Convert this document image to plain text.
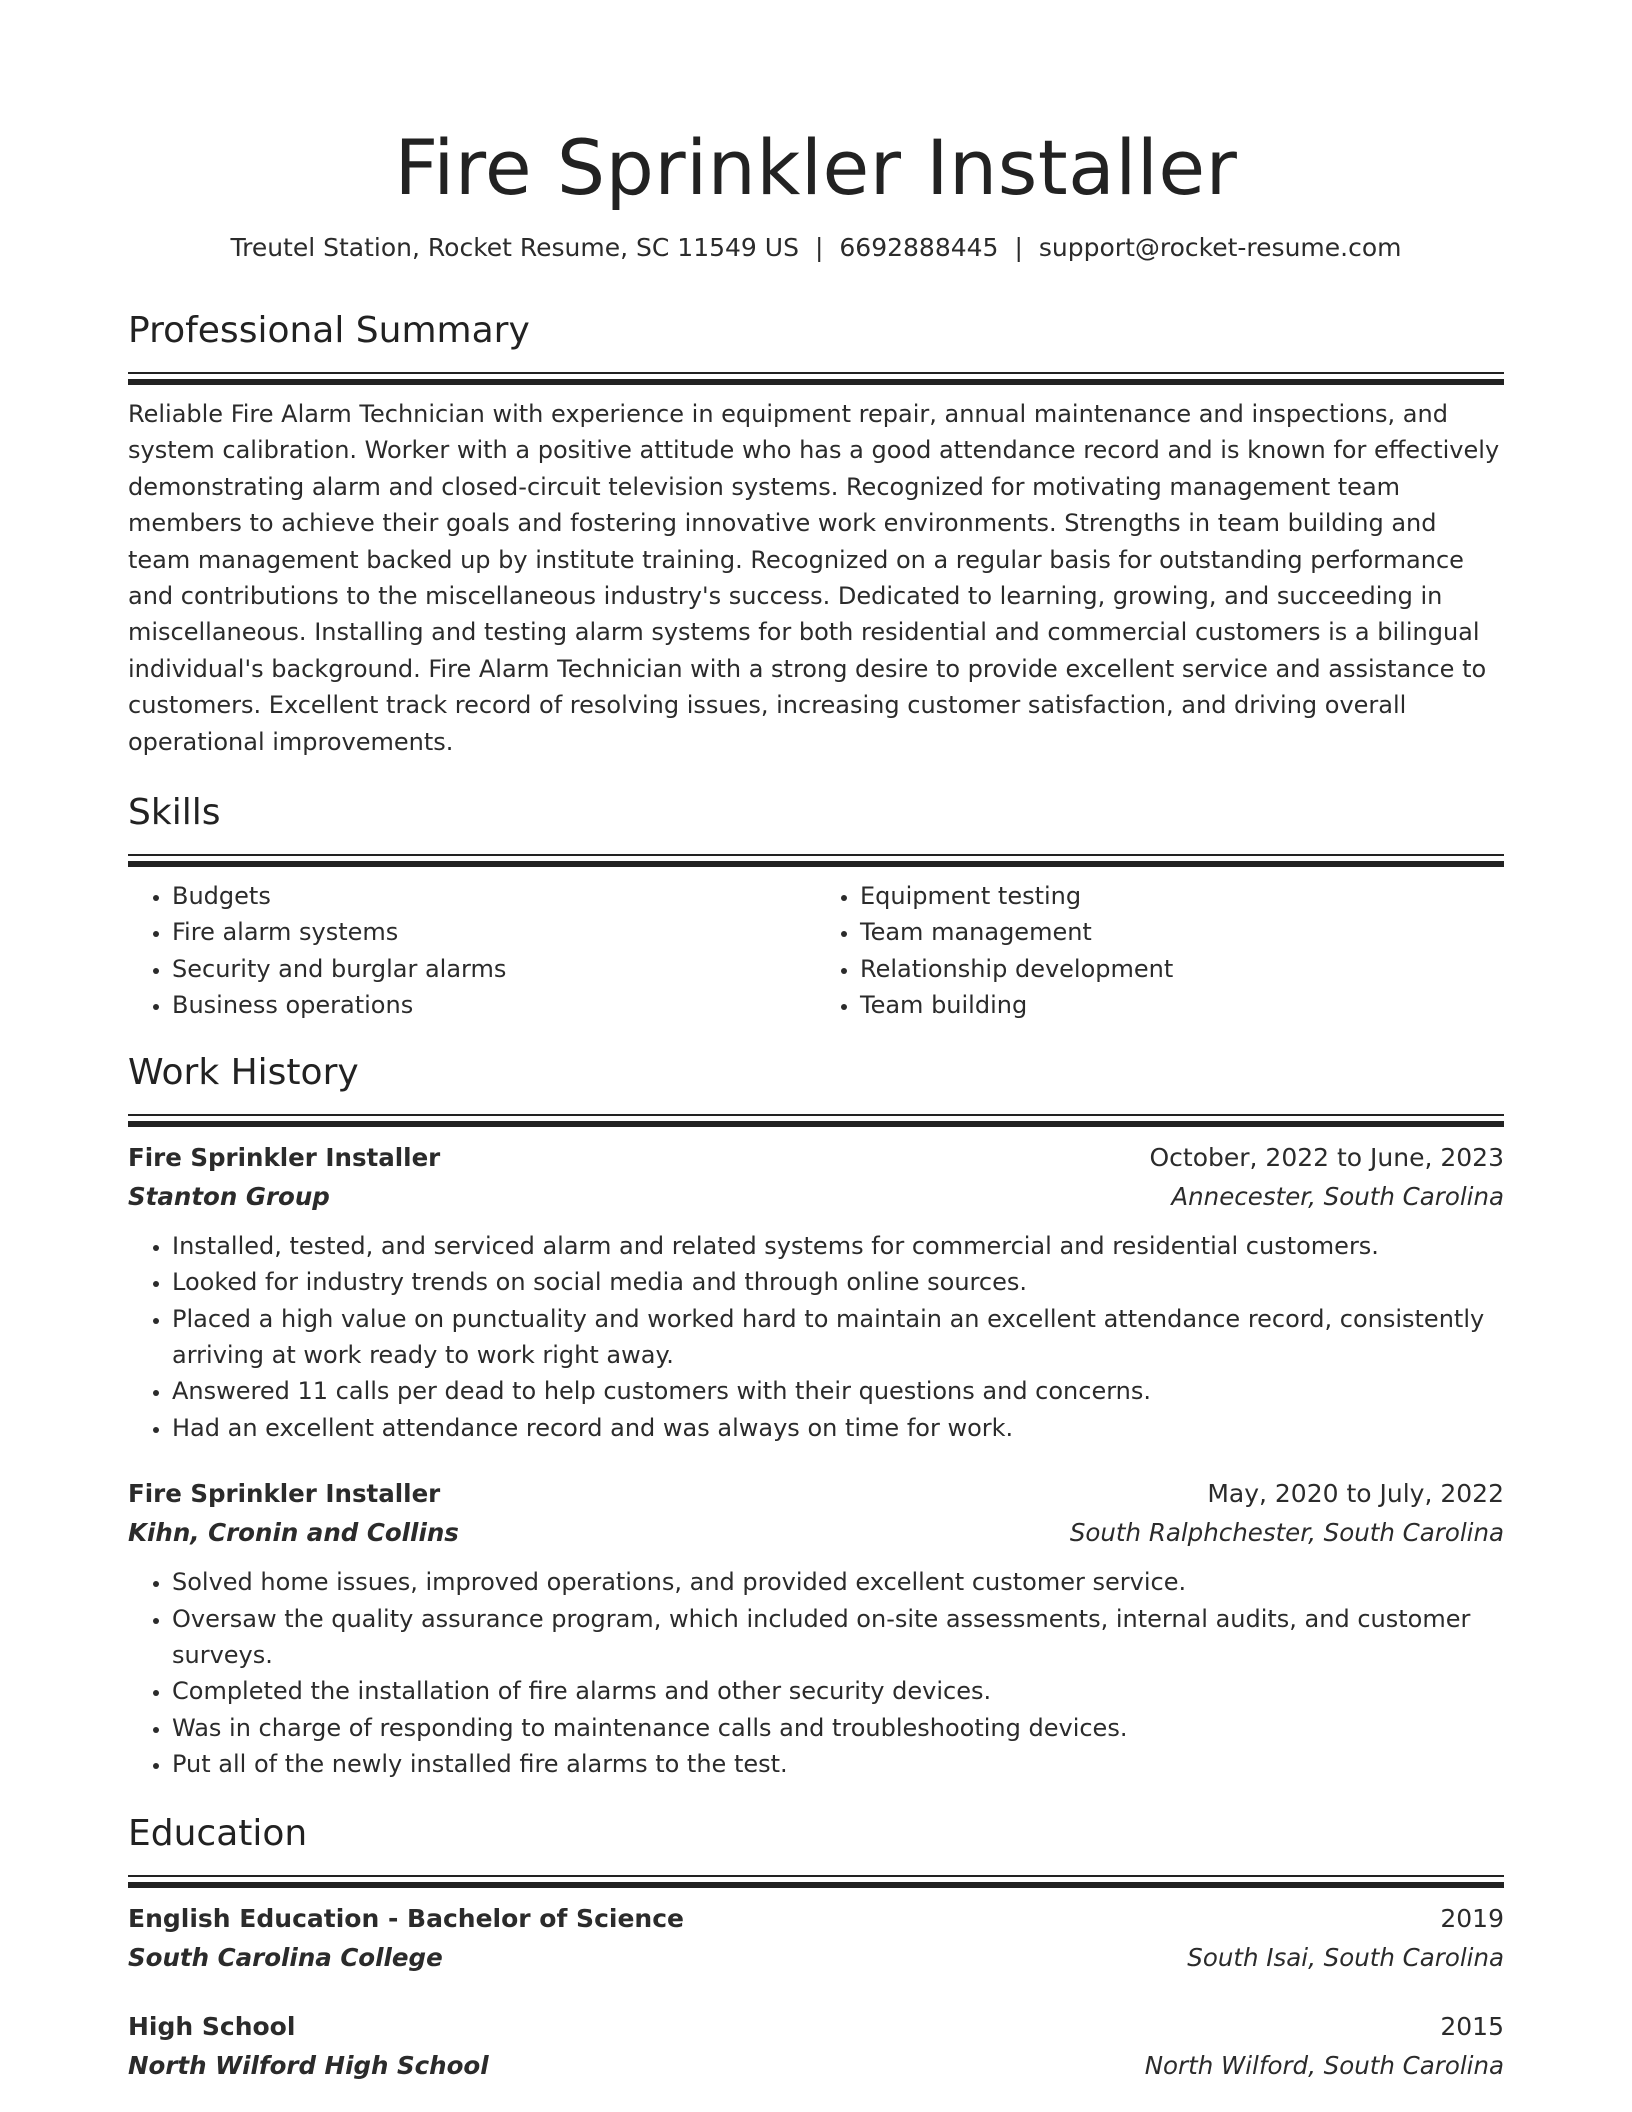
Fire Sprinkler Installer
Treutel Station, Rocket Resume, SC 11549 US | 6692888445 | support@rocket-resume.com
Professional Summary

Reliable Fire Alarm Technician with experience in equipment repair, annual maintenance and inspections, and system calibration. Worker with a positive attitude who has a good attendance record and is known for effectively demonstrating alarm and closed-circuit television systems. Recognized for motivating management team members to achieve their goals and fostering innovative work environments. Strengths in team building and team management backed up by institute training. Recognized on a regular basis for outstanding performance and contributions to the miscellaneous industry's success. Dedicated to learning, growing, and succeeding in miscellaneous. Installing and testing alarm systems for both residential and commercial customers is a bilingual individual's background. Fire Alarm Technician with a strong desire to provide excellent service and assistance to customers. Excellent track record of resolving issues, increasing customer satisfaction, and driving overall operational improvements.

Skills
• Budgets
• Fire alarm systems
• Security and burglar alarms
• Business operations
• Equipment testing
• Team management
• Relationship development
• Team building
Work History
Fire Sprinkler Installer	October, 2022 to June, 2023
Stanton Group	Annecester, South Carolina
• Installed, tested, and serviced alarm and related systems for commercial and residential customers.
• Looked for industry trends on social media and through online sources.
• Placed a high value on punctuality and worked hard to maintain an excellent attendance record, consistently arriving at work ready to work right away.
• Answered 11 calls per dead to help customers with their questions and concerns.
• Had an excellent attendance record and was always on time for work.
Fire Sprinkler Installer	May, 2020 to July, 2022
Kihn, Cronin and Collins	South Ralphchester, South Carolina
• Solved home issues, improved operations, and provided excellent customer service.
• Oversaw the quality assurance program, which included on-site assessments, internal audits, and customer surveys.
• Completed the installation of fire alarms and other security devices.
• Was in charge of responding to maintenance calls and troubleshooting devices.
• Put all of the newly installed fire alarms to the test.
Education
English Education - Bachelor of Science	2019
South Carolina College	South Isai, South Carolina
High School	2015
North Wilford High School	North Wilford, South Carolina
